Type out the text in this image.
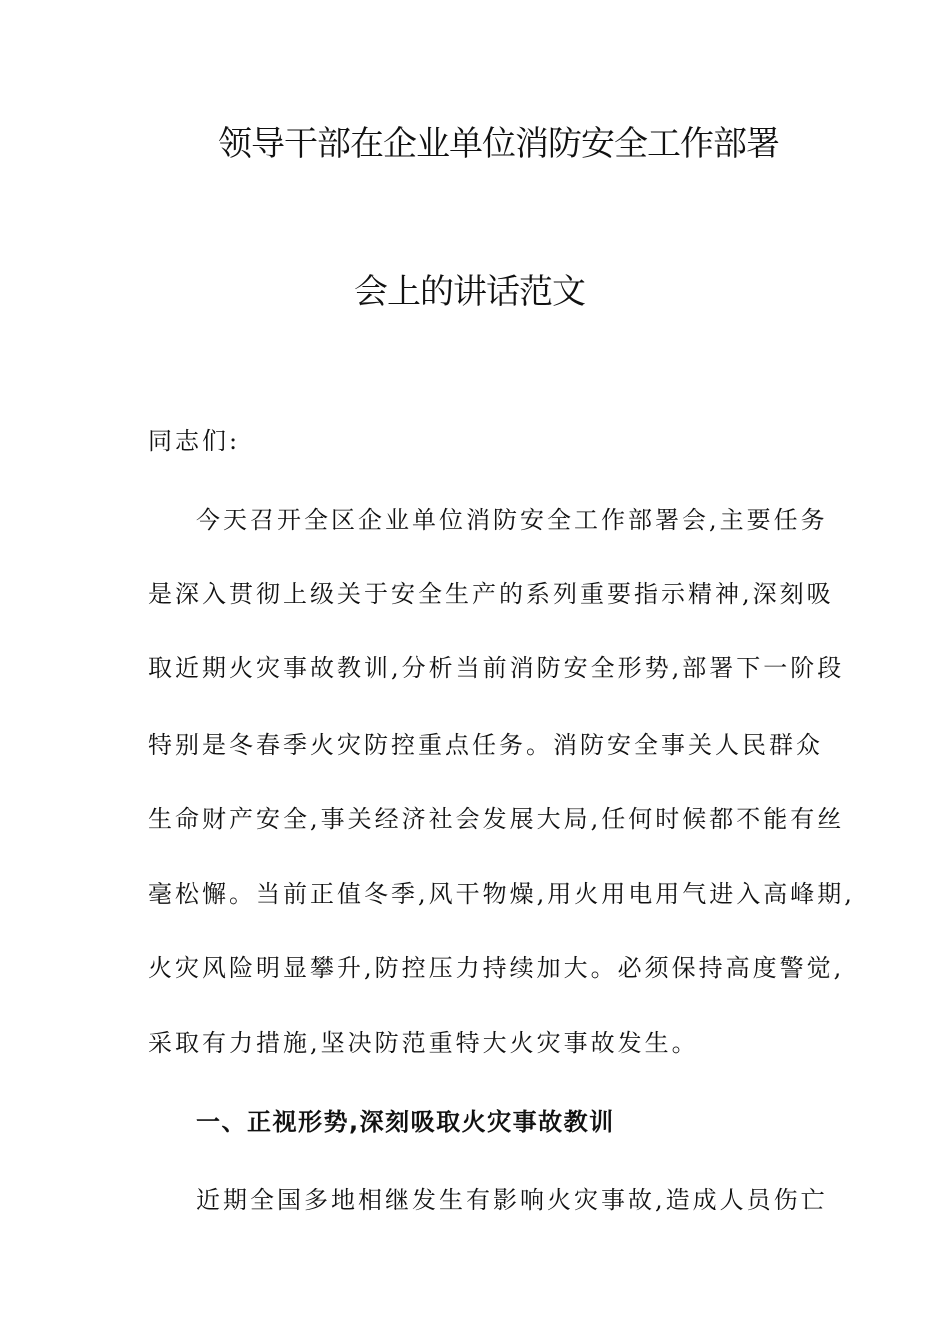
领导干部在企业单位消防安全工作部署
会上的讲话范文
同志们:
今天召开全区企业单位消防安全工作部署会,主要任务
是深入贯彻上级关于安全生产的系列重要指示精神,深刻吸
取近期火灾事故教训,分析当前消防安全形势,部署下一阶段
特别是冬春季火灾防控重点任务。消防安全事关人民群众
生命财产安全,事关经济社会发展大局,任何时候都不能有丝
毫松懈。当前正值冬季,风干物燥,用火用电用气进入高峰期,
火灾风险明显攀升,防控压力持续加大。必须保持高度警觉,
采取有力措施,坚决防范重特大火灾事故发生。
一、正视形势,深刻吸取火灾事故教训
近期全国多地相继发生有影响火灾事故,造成人员伤亡
